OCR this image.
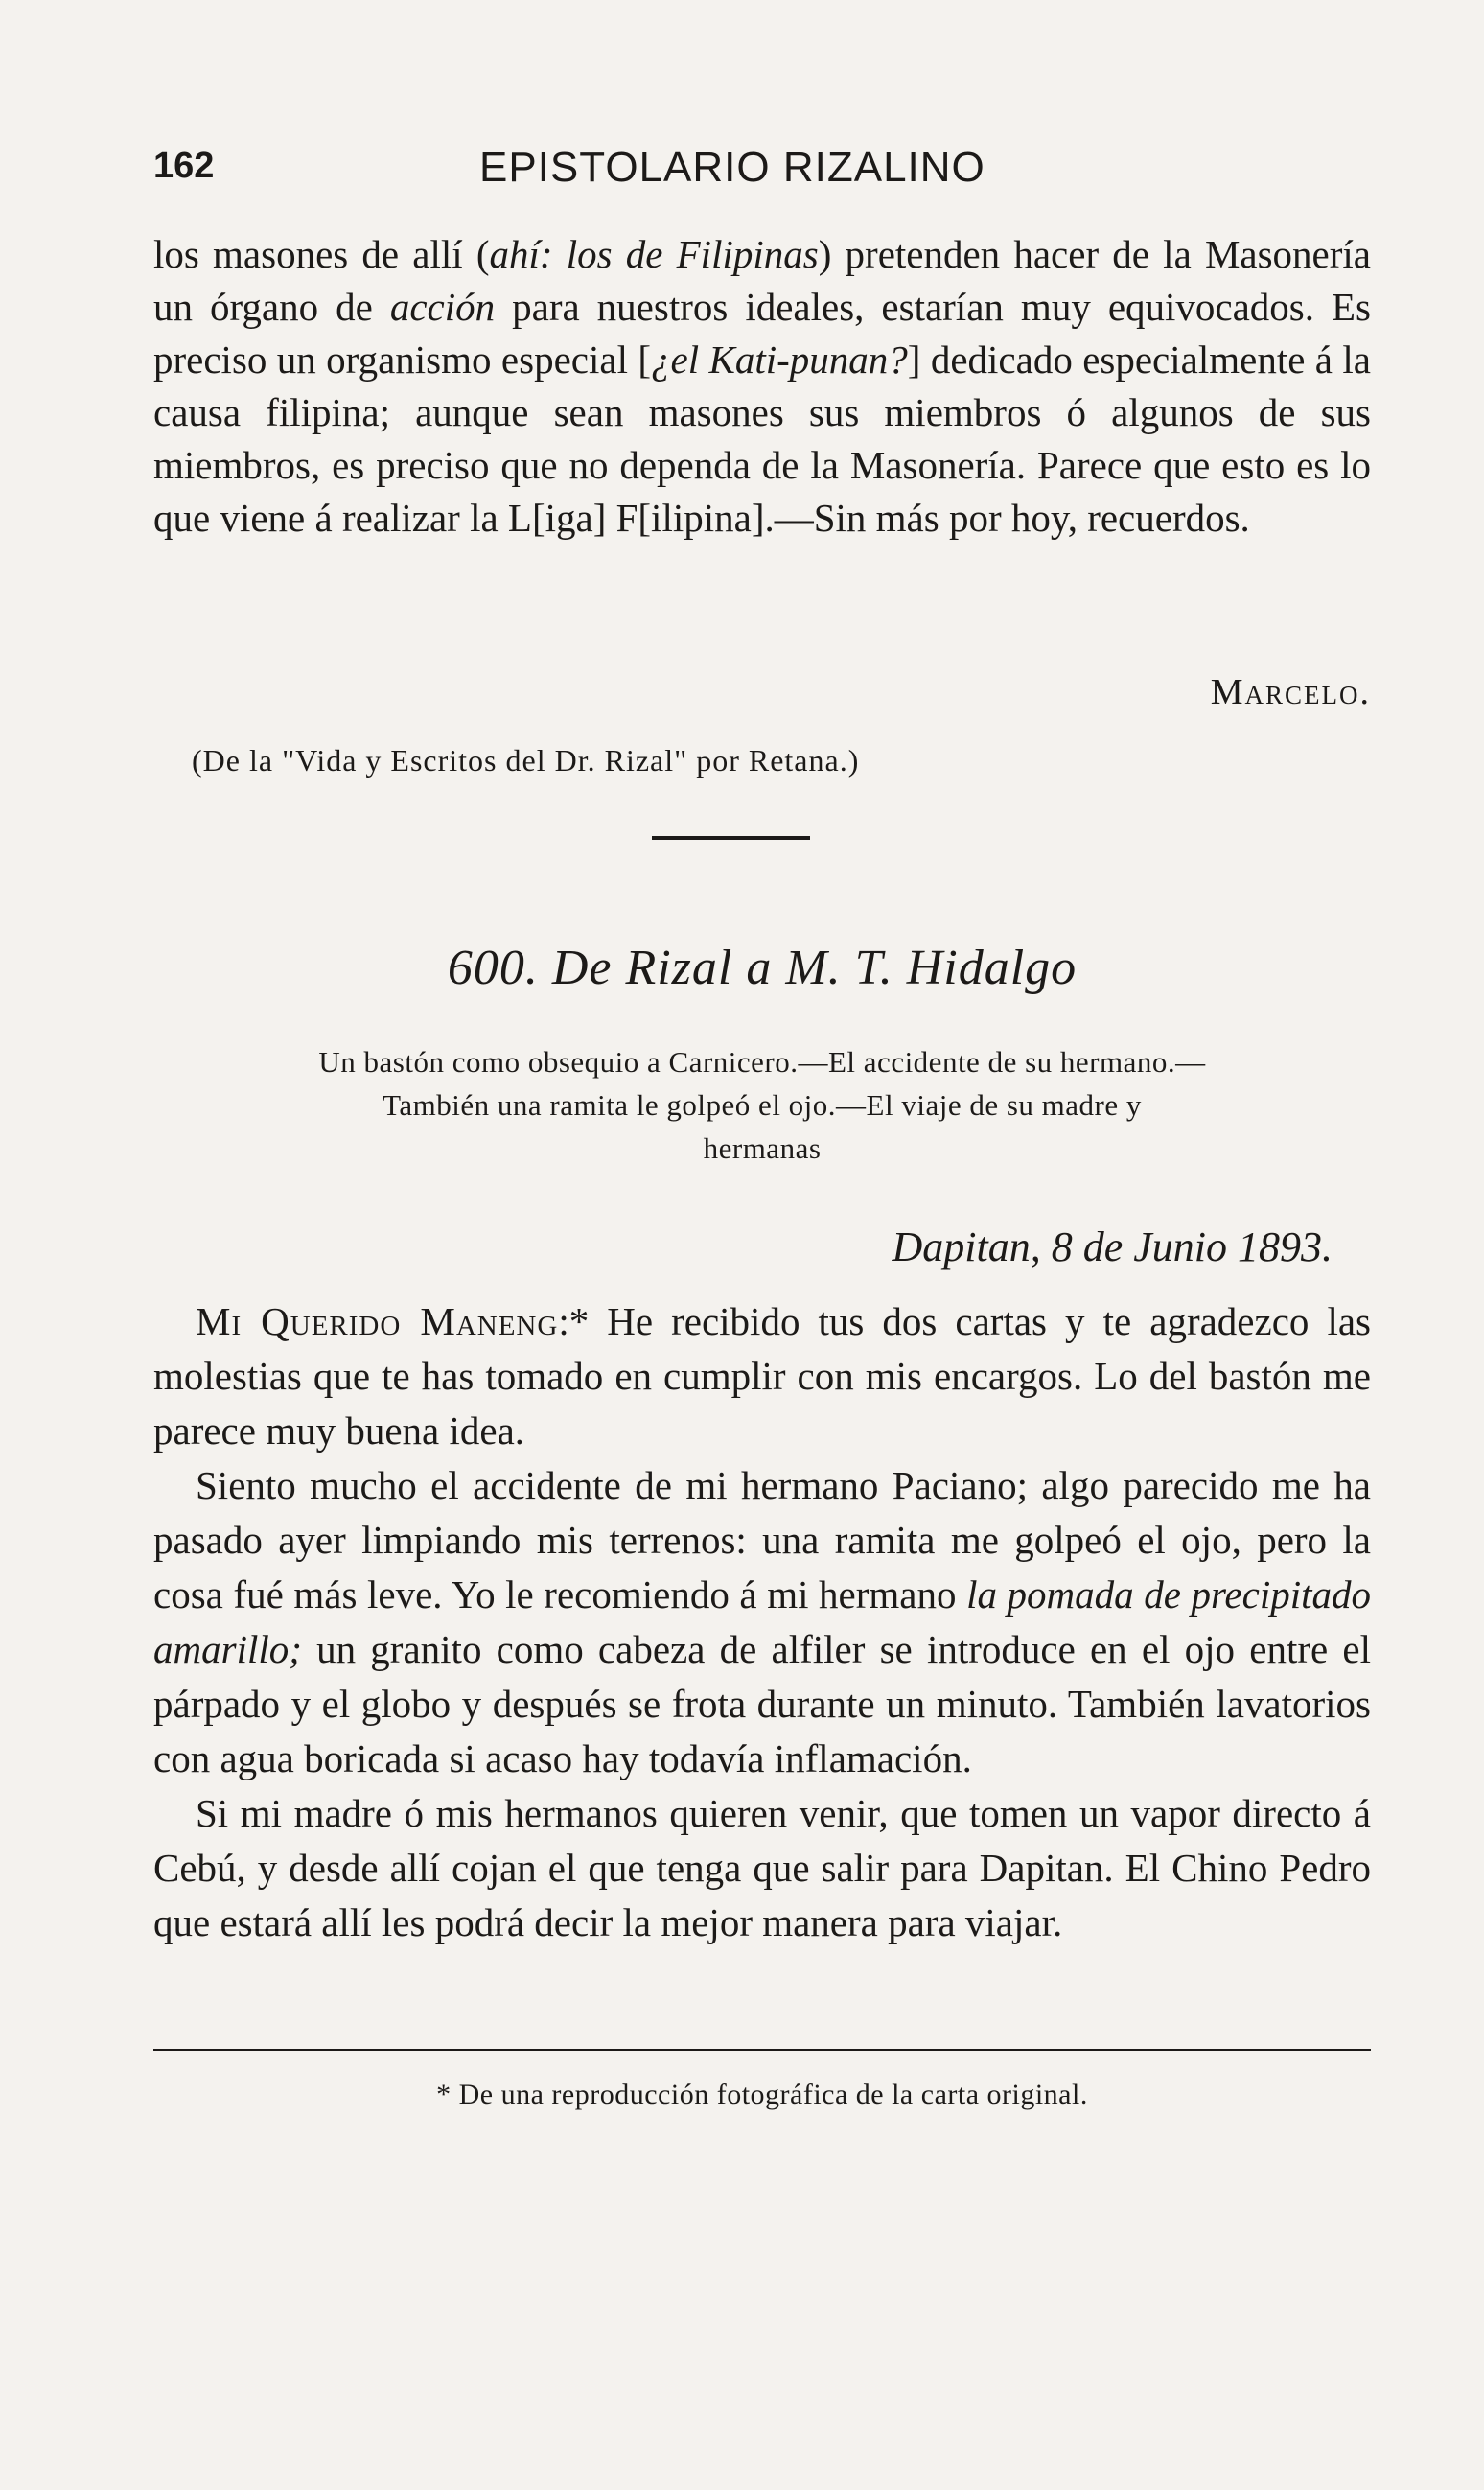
162	EPISTOLARIO RIZALINO

los masones de allí (ahí: los de Filipinas) pretenden hacer de la Masonería un órgano de acción para nuestros ideales, estarían muy equivocados. Es preciso un organismo especial [¿el Kati-punan?] dedicado especialmente á la causa filipina; aunque sean masones sus miembros ó algunos de sus miembros, es preciso que no dependa de la Masonería. Parece que esto es lo que viene á realizar la L[iga] F[ilipina].—Sin más por hoy, recuerdos.

Marcelo.
(De la "Vida y Escritos del Dr. Rizal" por Retana.)
600. De Rizal a M. T. Hidalgo
Un bastón como obsequio a Carnicero.—El accidente de su hermano.—
También una ramita le golpeó el ojo.—El viaje de su madre y
hermanas
Dapitan, 8 de Junio 1893.

Mi Querido Maneng:* He recibido tus dos cartas y te agradezco las molestias que te has tomado en cumplir con mis encargos. Lo del bastón me parece muy buena idea.

Siento mucho el accidente de mi hermano Paciano; algo parecido me ha pasado ayer limpiando mis terrenos: una ramita me golpeó el ojo, pero la cosa fué más leve. Yo le recomiendo á mi hermano la pomada de precipitado amarillo; un granito como cabeza de alfiler se introduce en el ojo entre el párpado y el globo y después se frota durante un minuto. También lavatorios con agua boricada si acaso hay todavía inflamación.

Si mi madre ó mis hermanos quieren venir, que tomen un vapor directo á Cebú, y desde allí cojan el que tenga que salir para Dapitan. El Chino Pedro que estará allí les podrá decir la mejor manera para viajar.

* De una reproducción fotográfica de la carta original.
